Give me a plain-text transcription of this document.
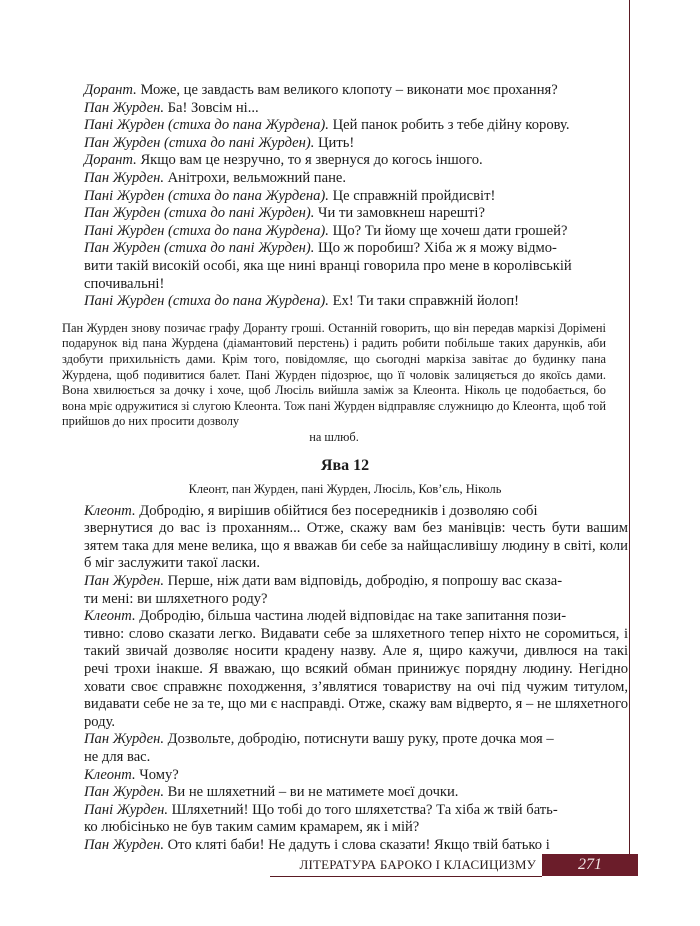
Дорант. Може, це завдасть вам великого клопоту – виконати моє прохання?

Пан Журден. Ба! Зовсім ні...

Пані Журден (стиха до пана Журдена). Цей панок робить з тебе дійну корову.

Пан Журден (стиха до пані Журден). Цить!

Дорант. Якщо вам це незручно, то я звернуся до когось іншого.

Пан Журден. Анітрохи, вельможний пане.

Пані Журден (стиха до пана Журдена). Це справжній пройдисвіт!

Пан Журден (стиха до пані Журден). Чи ти замовкнеш нарешті?

Пані Журден (стиха до пана Журдена). Що? Ти йому ще хочеш дати грошей?

Пан Журден (стиха до пані Журден). Що ж поробиш? Хіба ж я можу відмо-

вити такій високій особі, яка ще нині вранці говорила про мене в королівській

спочивальні!

Пані Журден (стиха до пана Журдена). Ех! Ти таки справжній йолоп!

Пан Журден знову позичає графу Доранту гроші. Останній говорить, що він передав маркізі Дорімені подарунок від пана Журдена (діамантовий перстень) і радить робити побільше таких дарунків, аби здобути прихильність дами. Крім того, повідомляє, що сьогодні маркіза завітає до будинку пана Журдена, щоб подивитися балет. Пані Журден підозрює, що її чоловік залицяється до якоїсь дами. Вона хвилюється за дочку і хоче, щоб Люсіль вийшла заміж за Клеонта. Ніколь це подобається, бо вона мріє одружитися зі слугою Клеонта. Тож пані Журден відправляє служницю до Клеонта, щоб той прийшов до них просити дозволу
на шлюб.
Ява 12
Клеонт, пан Журден, пані Журден, Люсіль, Ков’єль, Ніколь

Клеонт. Добродію, я вирішив обійтися без посередників і дозволяю собі

звернутися до вас із проханням... Отже, скажу вам без манівців: честь бути вашим зятем така для мене велика, що я вважав би себе за найщасливішу людину в світі, коли б міг заслужити такої ласки.

Пан Журден. Перше, ніж дати вам відповідь, добродію, я попрошу вас сказа-

ти мені: ви шляхетного роду?

Клеонт. Добродію, більша частина людей відповідає на таке запитання пози-

тивно: слово сказати легко. Видавати себе за шляхетного тепер ніхто не соромиться, і такий звичай дозволяє носити крадену назву. Але я, щиро кажучи, дивлюся на такі речі трохи інакше. Я вважаю, що всякий обман принижує порядну людину. Негідно ховати своє справжнє походження, з’являтися товариству на очі під чужим титулом, видавати себе не за те, що ми є насправді. Отже, скажу вам відверто, я – не шляхетного роду.

Пан Журден. Дозвольте, добродію, потиснути вашу руку, проте дочка моя –

не для вас.

Клеонт. Чому?

Пан Журден. Ви не шляхетний – ви не матимете моєї дочки.

Пані Журден. Шляхетний! Що тобі до того шляхетства? Та хіба ж твій бать-

ко любісінько не був таким самим крамарем, як і мій?

Пан Журден. Ото кляті баби! Не дадуть і слова сказати! Якщо твій батько і

ЛІТЕРАТУРА БАРОКО І КЛАСИЦИЗМУ	271
